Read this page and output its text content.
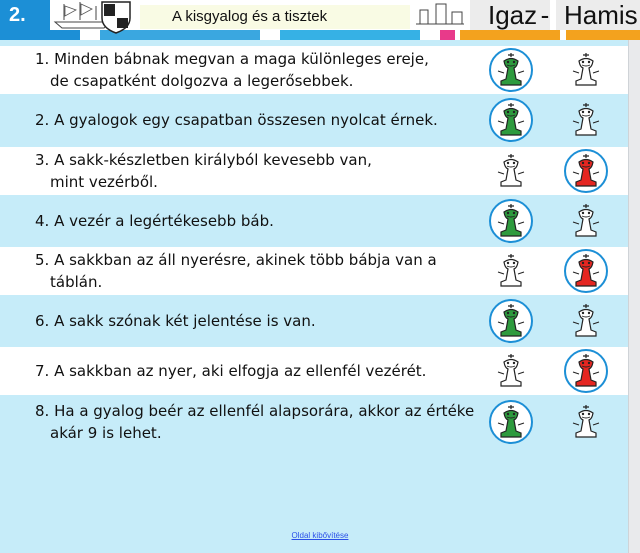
2.	J	A kisgyalog és a tisztek	Igaz - Hamis
1. Minden bábnak megvan a maga különleges ereje,
de csapatként dolgozva a legerősebbek.
2. A gyalogok egy csapatban összesen nyolcat érnek.
3. A sakk-készletben királyból kevesebb van,
mint vezérből.
4. A vezér a legértékesebb báb.
5. A sakkban az áll nyerésre, akinek több bábja van a
táblán.
6. A sakk szónak két jelentése is van.
7. A sakkban az nyer, aki elfogja az ellenfél vezérét.
8. Ha a gyalog beér az ellenfél alapsorára, akkor az értéke
akár 9 is lehet.
Oldal kibővítése
